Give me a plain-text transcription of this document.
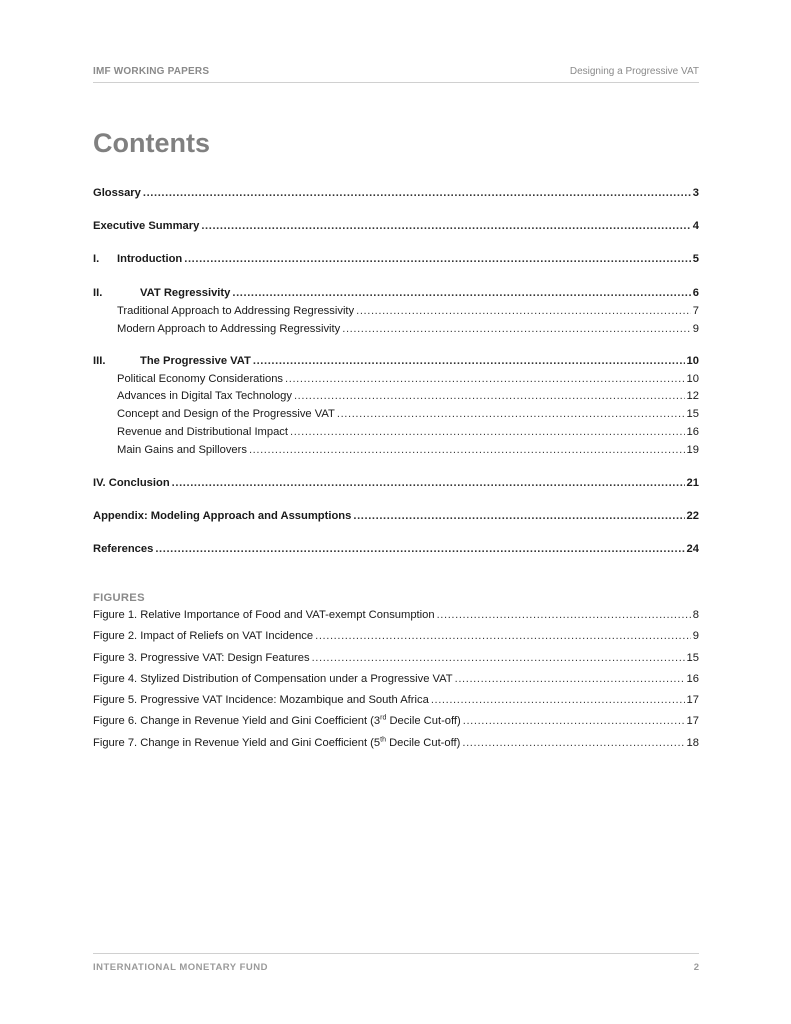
IMF WORKING PAPERS	Designing a Progressive VAT
Contents
Glossary .....	3
Executive Summary .....	4
I.	Introduction .....	5
II.	VAT Regressivity .....	6
Traditional Approach to Addressing Regressivity .....	7
Modern Approach to Addressing Regressivity .....	9
III.	The Progressive VAT .....	10
Political Economy Considerations .....	10
Advances in Digital Tax Technology .....	12
Concept and Design of the Progressive VAT .....	15
Revenue and Distributional Impact .....	16
Main Gains and Spillovers .....	19
IV. Conclusion .....	21
Appendix: Modeling Approach and Assumptions .....	22
References .....	24
FIGURES
Figure 1. Relative Importance of Food and VAT-exempt Consumption .....	8
Figure 2. Impact of Reliefs on VAT Incidence .....	9
Figure 3. Progressive VAT: Design Features .....	15
Figure 4. Stylized Distribution of Compensation under a Progressive VAT .....	16
Figure 5. Progressive VAT Incidence: Mozambique and South Africa .....	17
Figure 6. Change in Revenue Yield and Gini Coefficient (3rd Decile Cut-off) .....	17
Figure 7. Change in Revenue Yield and Gini Coefficient (5th Decile Cut-off) .....	18
INTERNATIONAL MONETARY FUND	2
